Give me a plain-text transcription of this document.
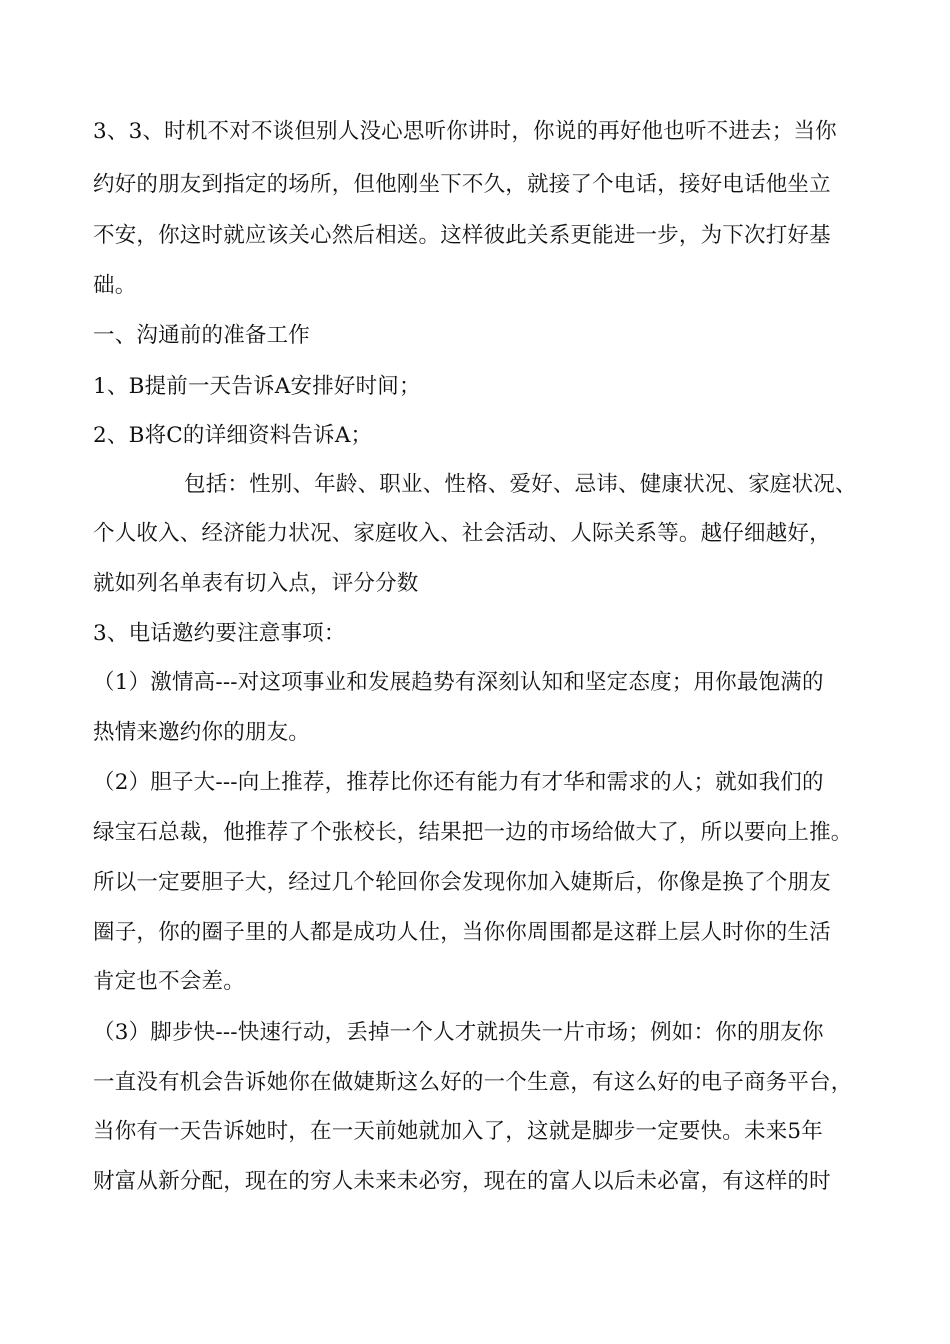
3、3、时机不对不谈但别人没心思听你讲时，你说的再好他也听不进去；当你
约好的朋友到指定的场所，但他刚坐下不久，就接了个电话，接好电话他坐立
不安，你这时就应该关心然后相送。这样彼此关系更能进一步，为下次打好基
础。
一、沟通前的准备工作
1、B提前一天告诉A安排好时间；
2、B将C的详细资料告诉A；
包括：性别、年龄、职业、性格、爱好、忌讳、健康状况、家庭状况、
个人收入、经济能力状况、家庭收入、社会活动、人际关系等。越仔细越好，
就如列名单表有切入点，评分分数
3、电话邀约要注意事项：
（1）激情高---对这项事业和发展趋势有深刻认知和坚定态度；用你最饱满的
热情来邀约你的朋友。
（2）胆子大---向上推荐，推荐比你还有能力有才华和需求的人；就如我们的
绿宝石总裁，他推荐了个张校长，结果把一边的市场给做大了，所以要向上推。
所以一定要胆子大，经过几个轮回你会发现你加入婕斯后，你像是换了个朋友
圈子，你的圈子里的人都是成功人仕，当你你周围都是这群上层人时你的生活
肯定也不会差。
（3）脚步快---快速行动，丢掉一个人才就损失一片市场；例如：你的朋友你
一直没有机会告诉她你在做婕斯这么好的一个生意，有这么好的电子商务平台，
当你有一天告诉她时，在一天前她就加入了，这就是脚步一定要快。未来5年
财富从新分配，现在的穷人未来未必穷，现在的富人以后未必富，有这样的时
